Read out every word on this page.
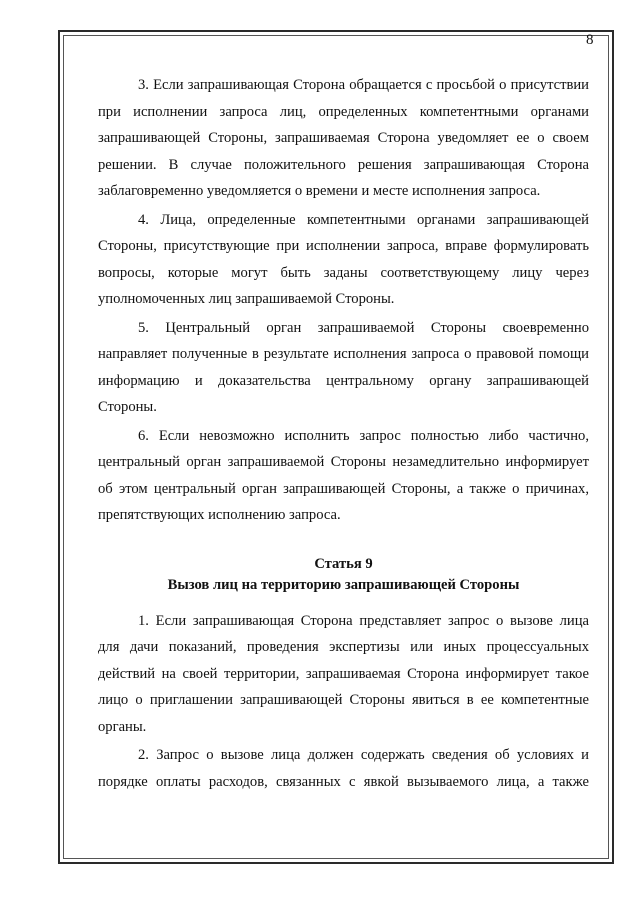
8

3. Если запрашивающая Сторона обращается с просьбой о присутствии при исполнении запроса лиц, определенных компетентными органами запрашивающей Стороны, запрашиваемая Сторона уведомляет ее о своем решении. В случае положительного решения запрашивающая Сторона заблаговременно уведомляется о времени и месте исполнения запроса.

4. Лица, определенные компетентными органами запрашивающей Стороны, присутствующие при исполнении запроса, вправе формулировать вопросы, которые могут быть заданы соответствующему лицу через уполномоченных лиц запрашиваемой Стороны.

5. Центральный орган запрашиваемой Стороны своевременно направляет полученные в результате исполнения запроса о правовой помощи информацию и доказательства центральному органу запрашивающей Стороны.

6. Если невозможно исполнить запрос полностью либо частично, центральный орган запрашиваемой Стороны незамедлительно информирует об этом центральный орган запрашивающей Стороны, а также о причинах, препятствующих исполнению запроса.

Статья 9
Вызов лиц на территорию запрашивающей Стороны

1. Если запрашивающая Сторона представляет запрос о вызове лица для дачи показаний, проведения экспертизы или иных процессуальных действий на своей территории, запрашиваемая Сторона информирует такое лицо о приглашении запрашивающей Стороны явиться в ее компетентные органы.

2. Запрос о вызове лица должен содержать сведения об условиях и порядке оплаты расходов, связанных с явкой вызываемого лица, а также
